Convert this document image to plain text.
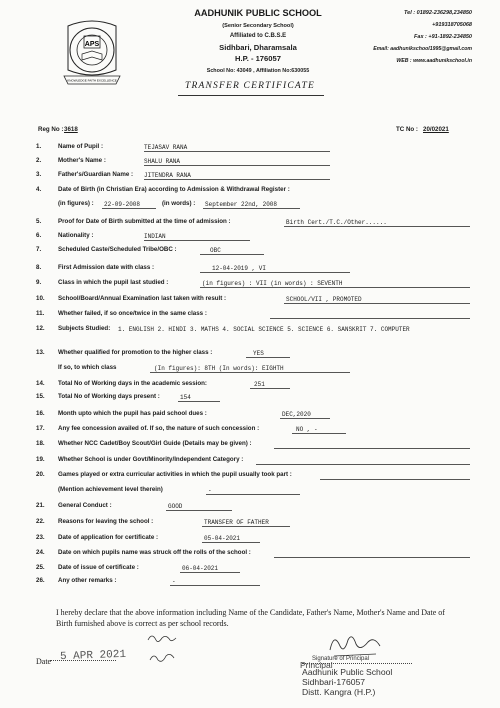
APS
KNOWLEDGE FAITH EXCELLENCE
AADHUNIK PUBLIC SCHOOL
(Senior Secondary School)
Affiliated to C.B.S.E
Sidhbari, Dharamsala
H.P. - 176057
School No: 43049 , Affiliation No:630055
Tel : 01892-236298,234850
+919318705068
Fax : +91-1892-234850
Email: aadhunikschool1995@gmail.com
WEB : www.aadhunikschool.in
TRANSFER CERTIFICATE
Reg No : 3618	TC No : 20/02021
I hereby declare that the above information including Name of the Candidate, Father's Name, Mother's Name and Date of
Birth furnished above is correct as per school records.
Date 5 APR 2021	Signature of Principal
Principal
Aadhunik Public School
Sidhbari-176057
Distt. Kangra (H.P.)
1.	Name of Pupil :	TEJASAV RANA
2.	Mother's Name :	SHALU RANA
3.	Father's/Guardian Name : JITENDRA RANA
4.	Date of Birth (in Christian Era) according to Admission & Withdrawal Register :
(in figures) : 22-09-2008	(in words) : September 22nd, 2008
5.	Proof for Date of Birth submitted at the time of admission :	Birth Cert./T.C./Other......
6.	Nationality :	INDIAN
7.	Scheduled Caste/Scheduled Tribe/OBC :	OBC
8.	First Admission date with class :	12-04-2019 , VI
9.	Class in which the pupil last studied :	(in figures) : VII (in words) : SEVENTH
10.	School/Board/Annual Examination last taken with result :	SCHOOL/VII , PROMOTED
11.	Whether failed, if so once/twice in the same class :
12.	Subjects Studied: 1. ENGLISH 2. HINDI 3. MATHS 4. SOCIAL SCIENCE 5. SCIENCE 6. SANSKRIT 7. COMPUTER
13.	Whether qualified for promotion to the higher class :	YES
If so, to which class	(In figures): 8TH (In words): EIGHTH
14.	Total No of Working days in the academic session:	251
15.	Total No of Working days present :	154
16.	Month upto which the pupil has paid school dues :	DEC,2020
17.	Any fee concession availed of. If so, the nature of such concession :	NO , -
18.	Whether NCC Cadet/Boy Scout/Girl Guide (Details may be given) :
19.	Whether School is under Govt/Minority/Independent Category :
20.	Games played or extra curricular activities in which the pupil usually took part :
(Mention achievement level therein)	-
21.	General Conduct :	GOOD
22.	Reasons for leaving the school :	TRANSFER OF FATHER
23.	Date of application for certificate :	05-04-2021
24.	Date on which pupils name was struck off the rolls of the school :
25.	Date of issue of certificate :	06-04-2021
26.	Any other remarks :	-
